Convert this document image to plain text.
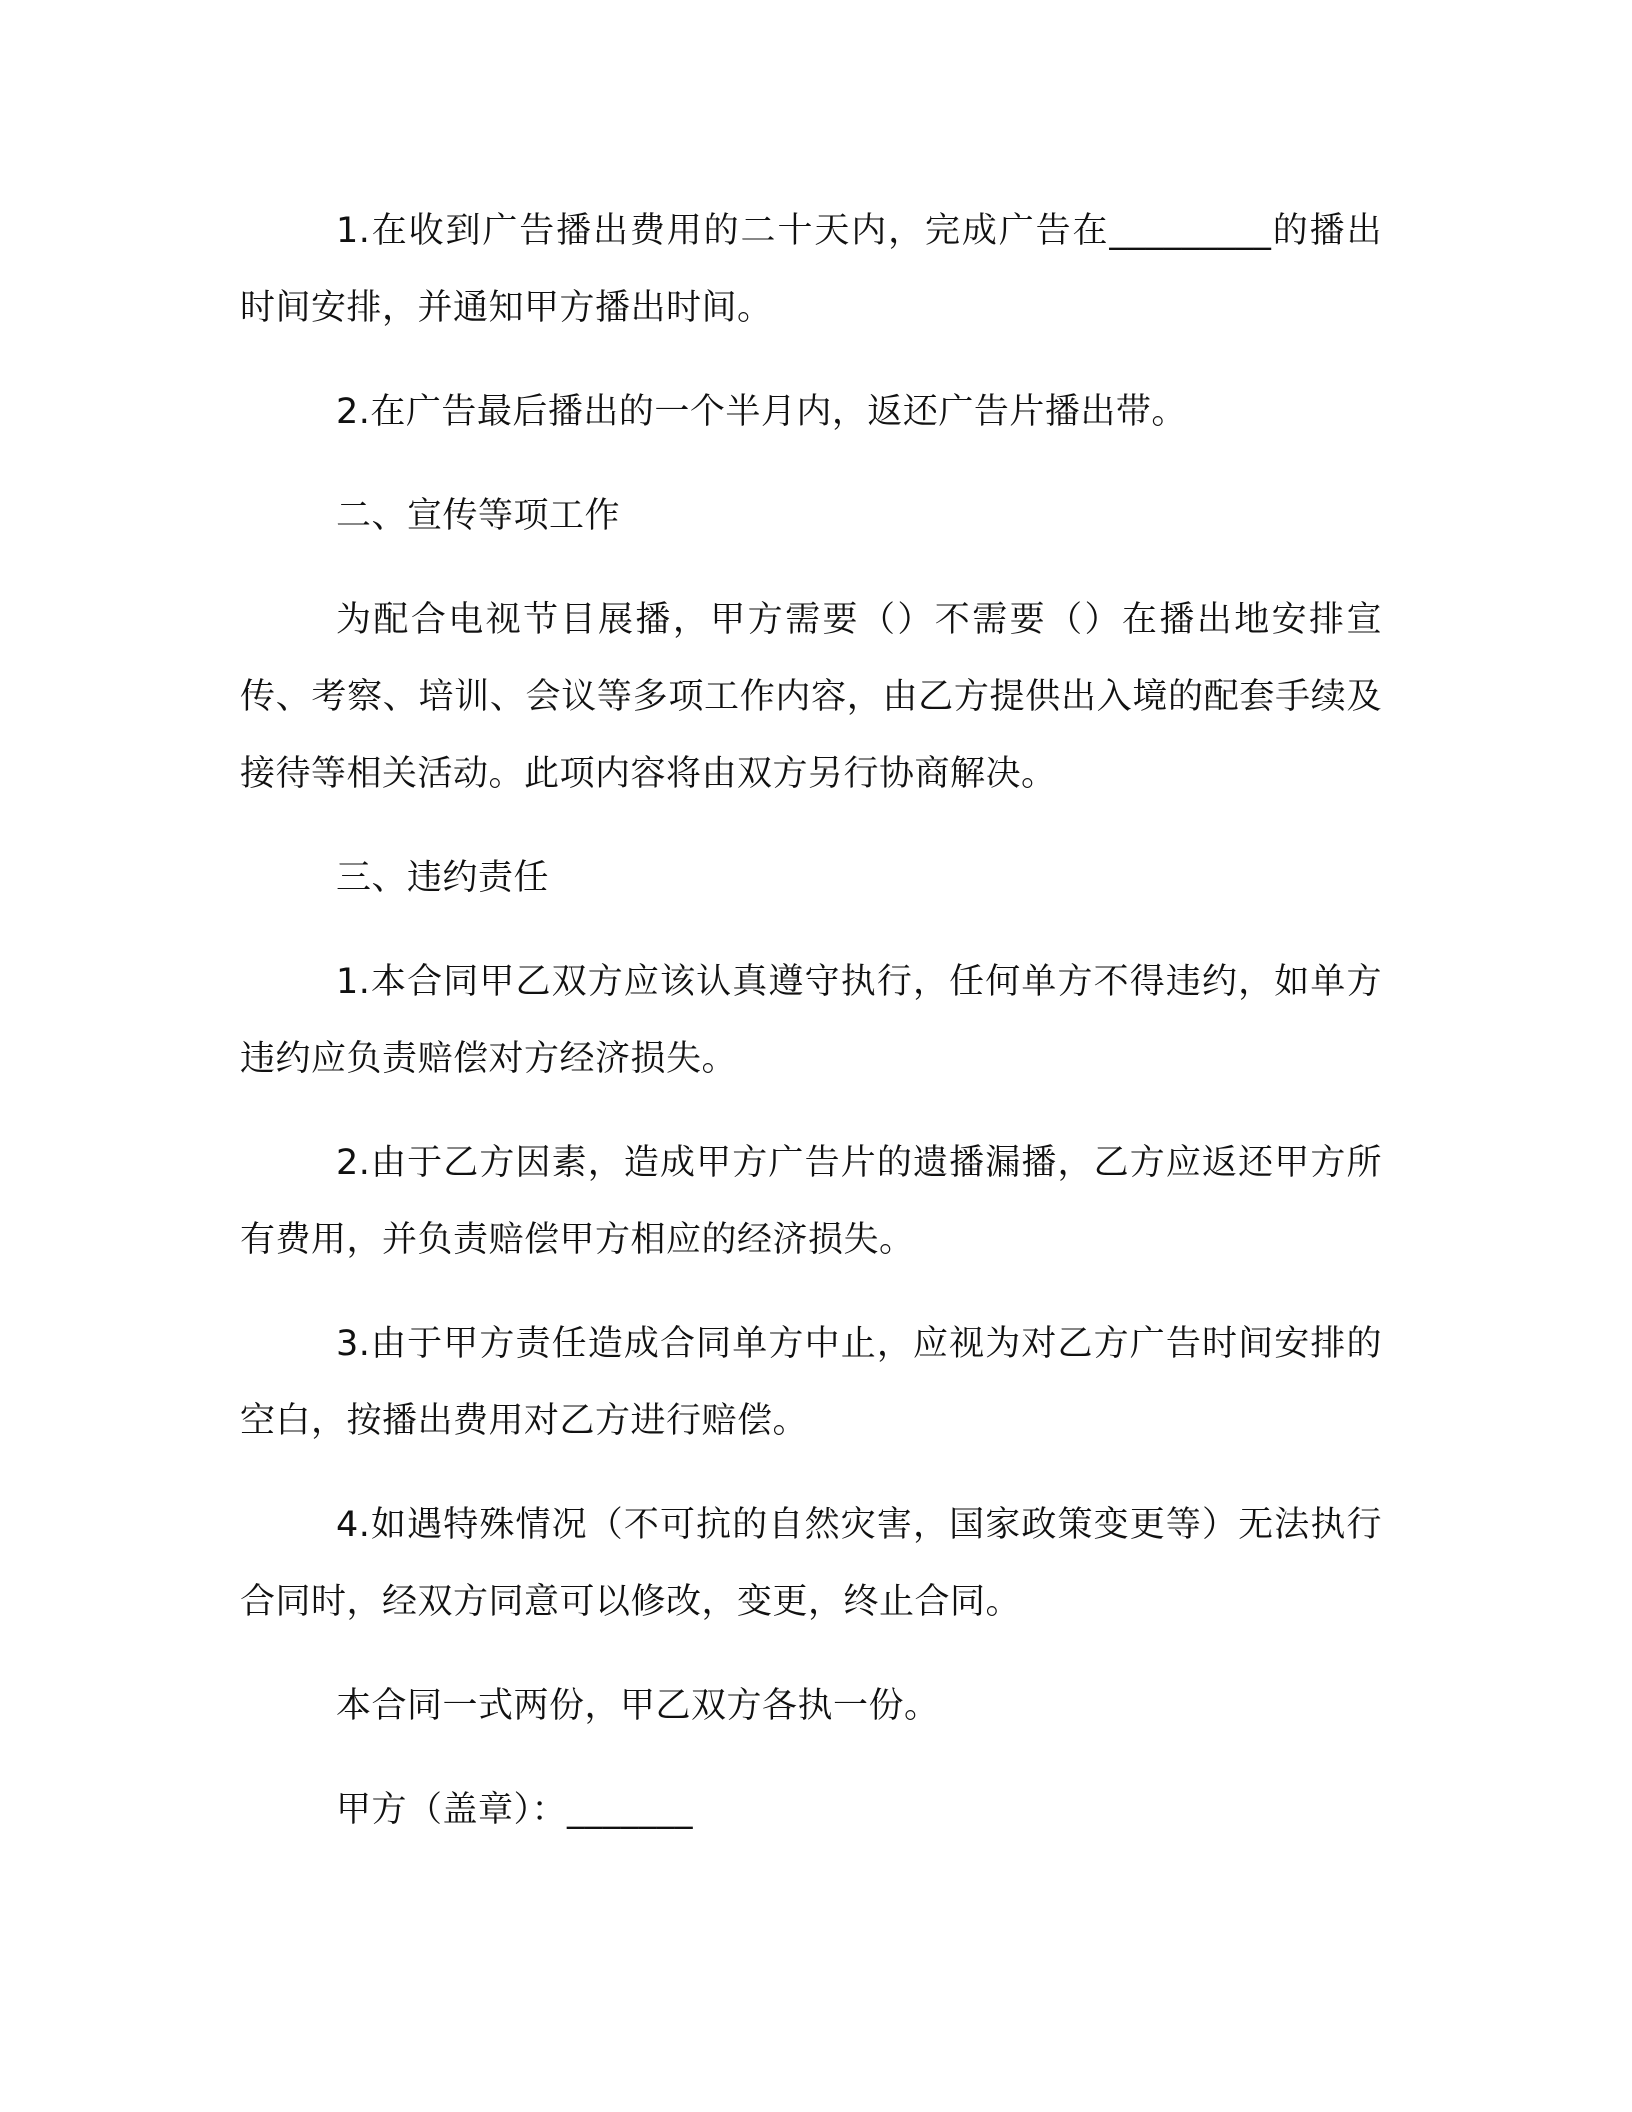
1.在收到广告播出费用的二十天内，完成广告在_________的播出时间安排，并通知甲方播出时间。

2.在广告最后播出的一个半月内，返还广告片播出带。

二、宣传等项工作

为配合电视节目展播，甲方需要（）不需要（）在播出地安排宣传、考察、培训、会议等多项工作内容，由乙方提供出入境的配套手续及接待等相关活动。此项内容将由双方另行协商解决。

三、违约责任

1.本合同甲乙双方应该认真遵守执行，任何单方不得违约，如单方违约应负责赔偿对方经济损失。

2.由于乙方因素，造成甲方广告片的遗播漏播，乙方应返还甲方所有费用，并负责赔偿甲方相应的经济损失。

3.由于甲方责任造成合同单方中止，应视为对乙方广告时间安排的空白，按播出费用对乙方进行赔偿。

4.如遇特殊情况（不可抗的自然灾害，国家政策变更等）无法执行合同时，经双方同意可以修改，变更，终止合同。

本合同一式两份，甲乙双方各执一份。

甲方（盖章）：_______
